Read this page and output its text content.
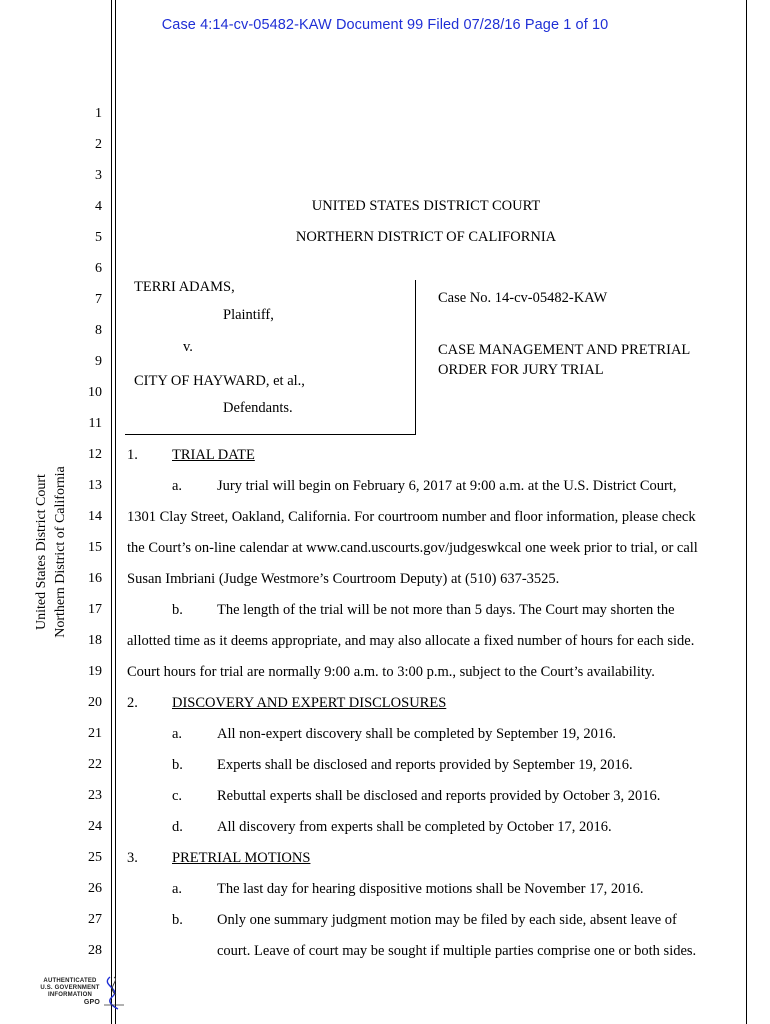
Case 4:14-cv-05482-KAW Document 99 Filed 07/28/16 Page 1 of 10
United States District Court Northern District of California
1
2
3
4
5
6
7
8
9
10
11
12
13
14
15
16
17
18
19
20
21
22
23
24
25
26
27
28
UNITED STATES DISTRICT COURT
NORTHERN DISTRICT OF CALIFORNIA
TERRI ADAMS,
Plaintiff,
v.
CITY OF HAYWARD, et al.,
Defendants.
Case No. 14-cv-05482-KAW
CASE MANAGEMENT AND PRETRIAL
ORDER FOR JURY TRIAL
1. TRIAL DATE
a. Jury trial will begin on February 6, 2017 at 9:00 a.m. at the U.S. District Court,
1301 Clay Street, Oakland, California. For courtroom number and floor information, please check
the Court’s on-line calendar at www.cand.uscourts.gov/judgeswkcal one week prior to trial, or call
Susan Imbriani (Judge Westmore’s Courtroom Deputy) at (510) 637-3525.
b. The length of the trial will be not more than 5 days. The Court may shorten the
allotted time as it deems appropriate, and may also allocate a fixed number of hours for each side.
Court hours for trial are normally 9:00 a.m. to 3:00 p.m., subject to the Court’s availability.
2. DISCOVERY AND EXPERT DISCLOSURES
a. All non-expert discovery shall be completed by September 19, 2016.
b. Experts shall be disclosed and reports provided by September 19, 2016.
c. Rebuttal experts shall be disclosed and reports provided by October 3, 2016.
d. All discovery from experts shall be completed by October 17, 2016.
3. PRETRIAL MOTIONS
a. The last day for hearing dispositive motions shall be November 17, 2016.
b. Only one summary judgment motion may be filed by each side, absent leave of
court. Leave of court may be sought if multiple parties comprise one or both sides.
AUTHENTICATED
U.S. GOVERNMENT
INFORMATION
GPO
